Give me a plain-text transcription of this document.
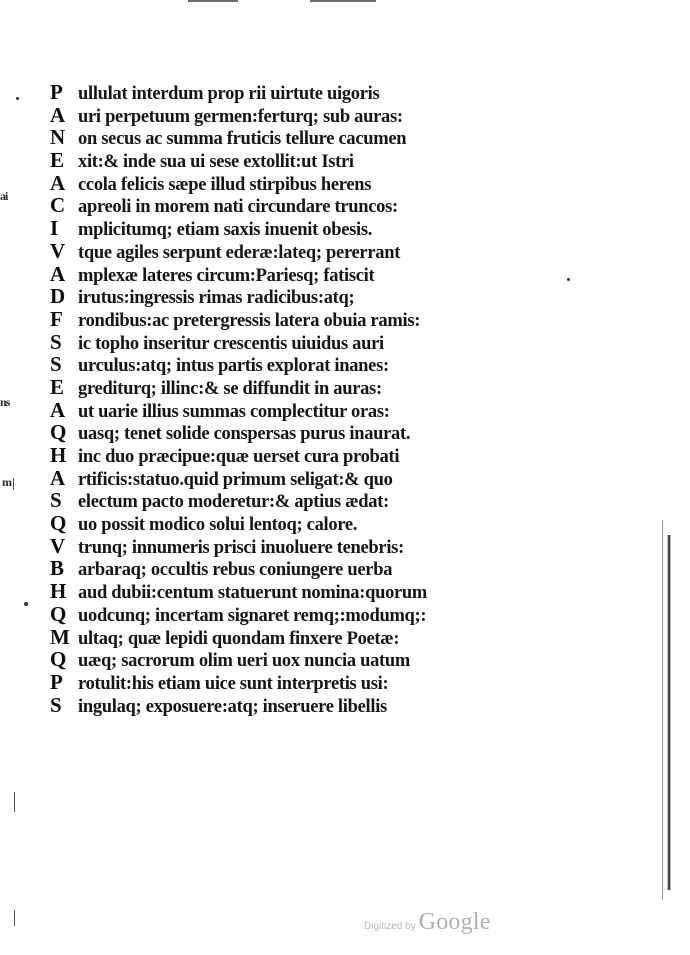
ai
ns
m
P ullulat interdum prop rii uirtute uigoris
A uri perpetuum germen:ferturq; sub auras:
N on secus ac summa fruticis tellure cacumen
E xit:& inde sua ui sese extollit:ut Istri
A ccola felicis sæpe illud stirpibus herens
C apreoli in morem nati circundare truncos:
I	mplicitumq; etiam saxis inuenit obesis.
V tque agiles serpunt ederæ:lateq; pererrant
A mplexæ lateres circum:Pariesq; fatiscit
D irutus:ingressis rimas radicibus:atq;
F rondibus:ac pretergressis latera obuia ramis:
S ic topho inseritur crescentis uiuidus auri
S urculus:atq; intus partis explorat inanes:
E grediturq; illinc:& se diffundit in auras:
A ut uarie illius summas complectitur oras:
Q uasq; tenet solide conspersas purus inaurat.
H inc duo præcipue:quæ uerset cura probati
A rtificis:statuo.quid primum seligat:& quo
S electum pacto moderetur:& aptius ædat:
Q uo possit modico solui lentoq; calore.
V trunq; innumeris prisci inuoluere tenebris:
B arbaraq; occultis rebus coniungere uerba
H aud dubii:centum statuerunt nomina:quorum
Q uodcunq; incertam signaret remq;:modumq;:
M ultaq; quæ lepidi quondam finxere Poetæ:
Q uæq; sacrorum olim ueri uox nuncia uatum
P rotulit:his etiam uice sunt interpretis usi:
S ingulaq; exposuere:atq; inseruere libellis
Digitized by Google
